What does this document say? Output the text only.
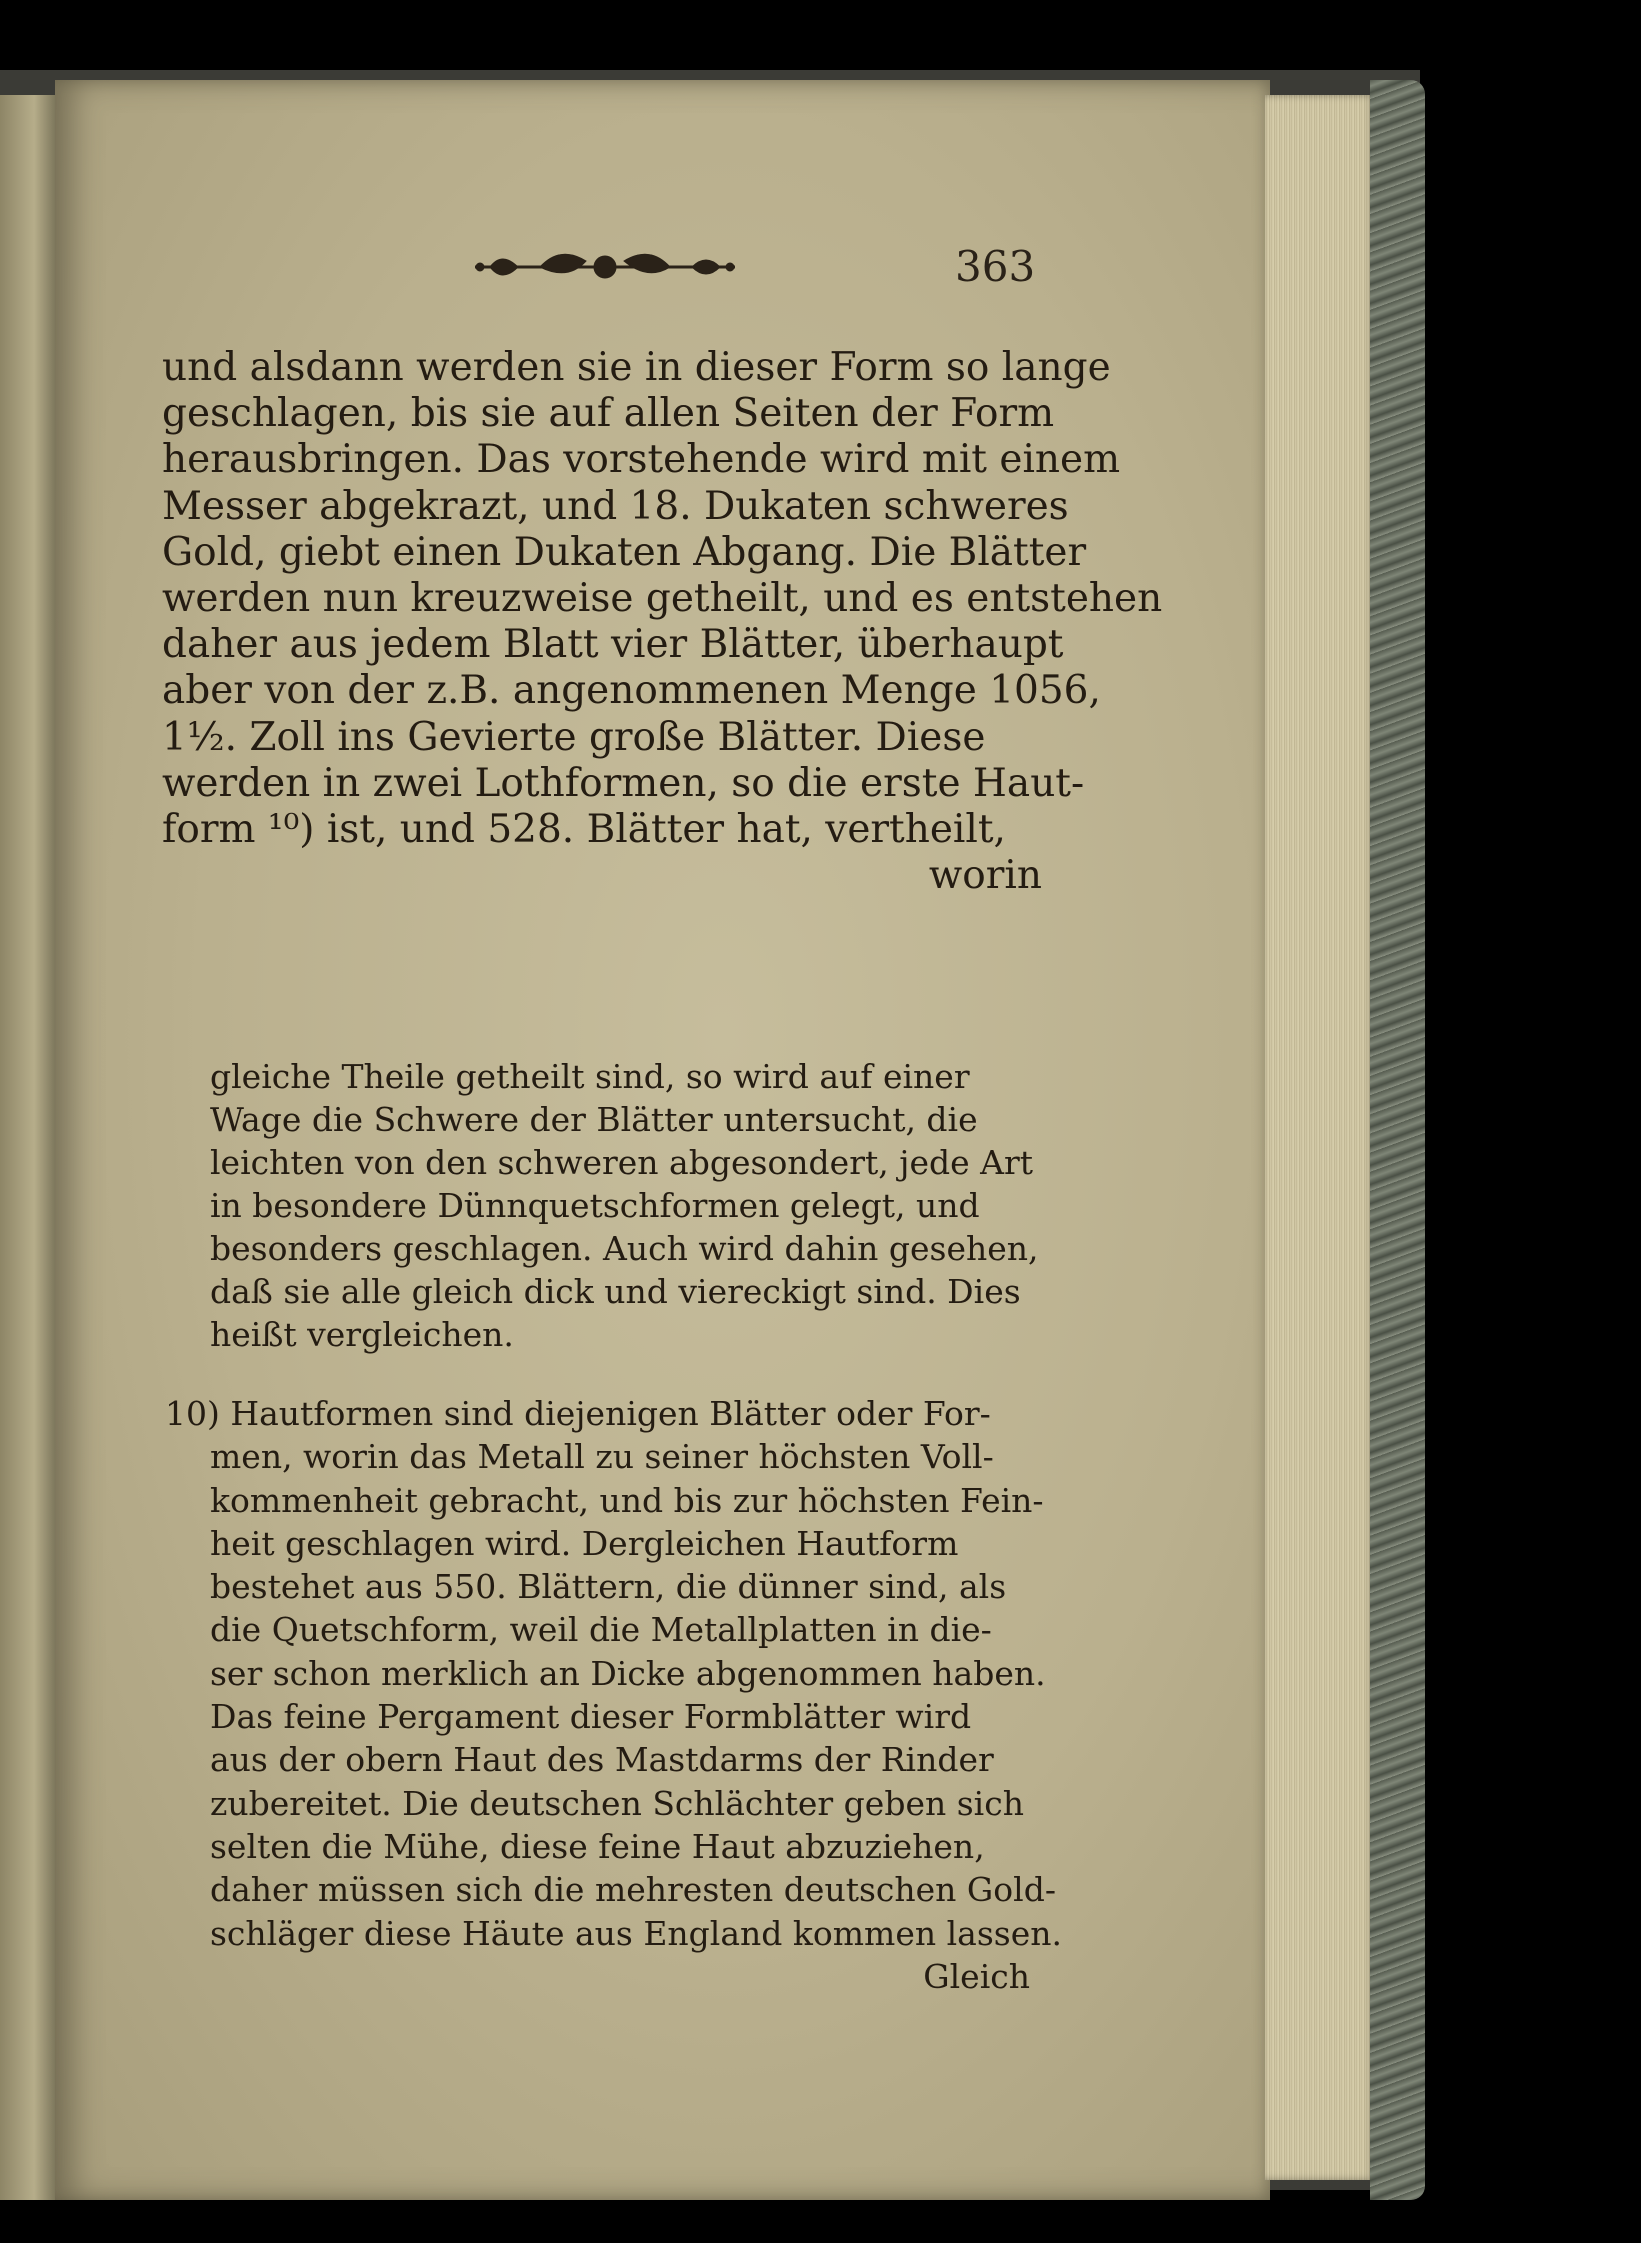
363
und alsdann werden sie in dieser Form so lange
geschlagen, bis sie auf allen Seiten der Form
herausbringen. Das vorstehende wird mit einem
Messer abgekrazt, und 18. Dukaten schweres
Gold, giebt einen Dukaten Abgang. Die Blätter
werden nun kreuzweise getheilt, und es entstehen
daher aus jedem Blatt vier Blätter, überhaupt
aber von der z.B. angenommenen Menge 1056,
1½. Zoll ins Gevierte große Blätter. Diese
werden in zwei Lothformen, so die erste Haut-
form ¹⁰) ist, und 528. Blätter hat, vertheilt,
worin
gleiche Theile getheilt sind, so wird auf einer
Wage die Schwere der Blätter untersucht, die
leichten von den schweren abgesondert, jede Art
in besondere Dünnquetschformen gelegt, und
besonders geschlagen. Auch wird dahin gesehen,
daß sie alle gleich dick und viereckigt sind. Dies
heißt vergleichen.
10) Hautformen sind diejenigen Blätter oder For-
men, worin das Metall zu seiner höchsten Voll-
kommenheit gebracht, und bis zur höchsten Fein-
heit geschlagen wird. Dergleichen Hautform
bestehet aus 550. Blättern, die dünner sind, als
die Quetschform, weil die Metallplatten in die-
ser schon merklich an Dicke abgenommen haben.
Das feine Pergament dieser Formblätter wird
aus der obern Haut des Mastdarms der Rinder
zubereitet. Die deutschen Schlächter geben sich
selten die Mühe, diese feine Haut abzuziehen,
daher müssen sich die mehresten deutschen Gold-
schläger diese Häute aus England kommen lassen.
Gleich
